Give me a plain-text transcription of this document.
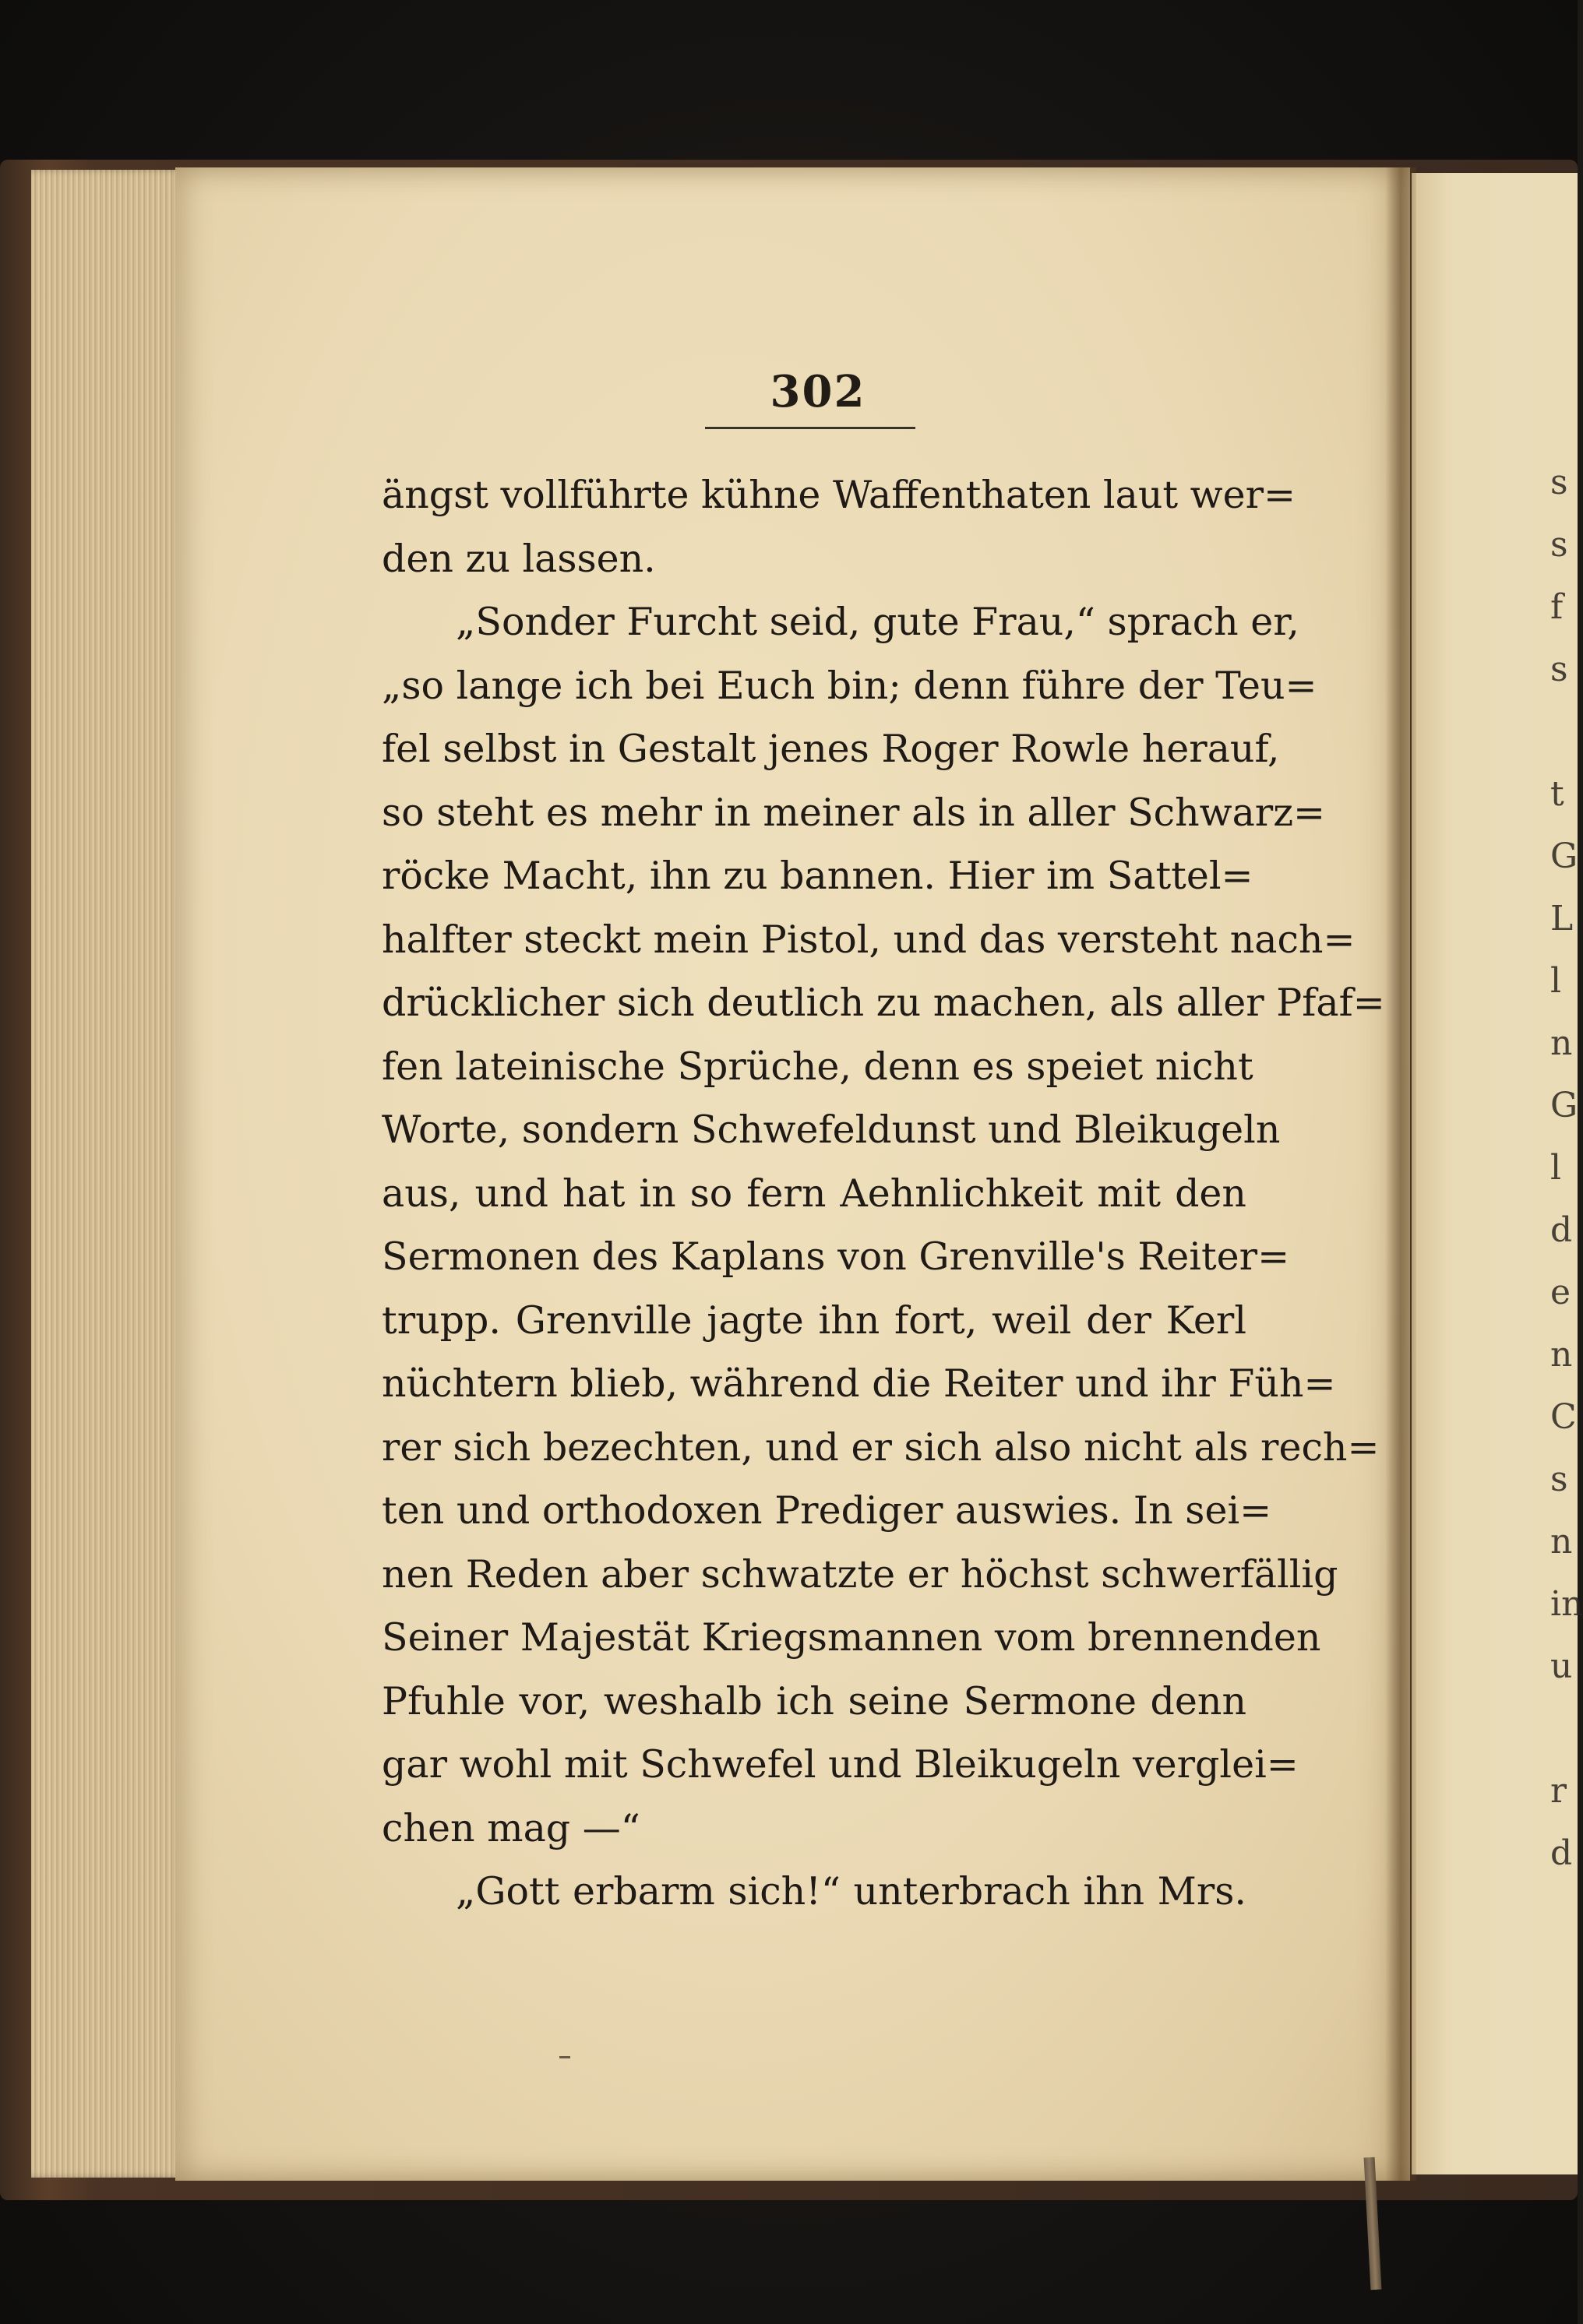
s
s
f
s
t
G
L
l
n
G
l
d
e
n
C
s
n
in
u
r
d
302
ängst vollführte kühne Waffenthaten laut wer=
den zu lassen.
„Sonder Furcht seid, gute Frau,“ sprach er,
„so lange ich bei Euch bin; denn führe der Teu=
fel selbst in Gestalt jenes Roger Rowle herauf,
so steht es mehr in meiner als in aller Schwarz=
röcke Macht, ihn zu bannen. Hier im Sattel=
halfter steckt mein Pistol, und das versteht nach=
drücklicher sich deutlich zu machen, als aller Pfaf=
fen lateinische Sprüche, denn es speiet nicht
Worte, sondern Schwefeldunst und Bleikugeln
aus, und hat in so fern Aehnlichkeit mit den
Sermonen des Kaplans von Grenville's Reiter=
trupp. Grenville jagte ihn fort, weil der Kerl
nüchtern blieb, während die Reiter und ihr Füh=
rer sich bezechten, und er sich also nicht als rech=
ten und orthodoxen Prediger auswies. In sei=
nen Reden aber schwatzte er höchst schwerfällig
Seiner Majestät Kriegsmannen vom brennenden
Pfuhle vor, weshalb ich seine Sermone denn
gar wohl mit Schwefel und Bleikugeln verglei=
chen mag —“
„Gott erbarm sich!“ unterbrach ihn Mrs.
